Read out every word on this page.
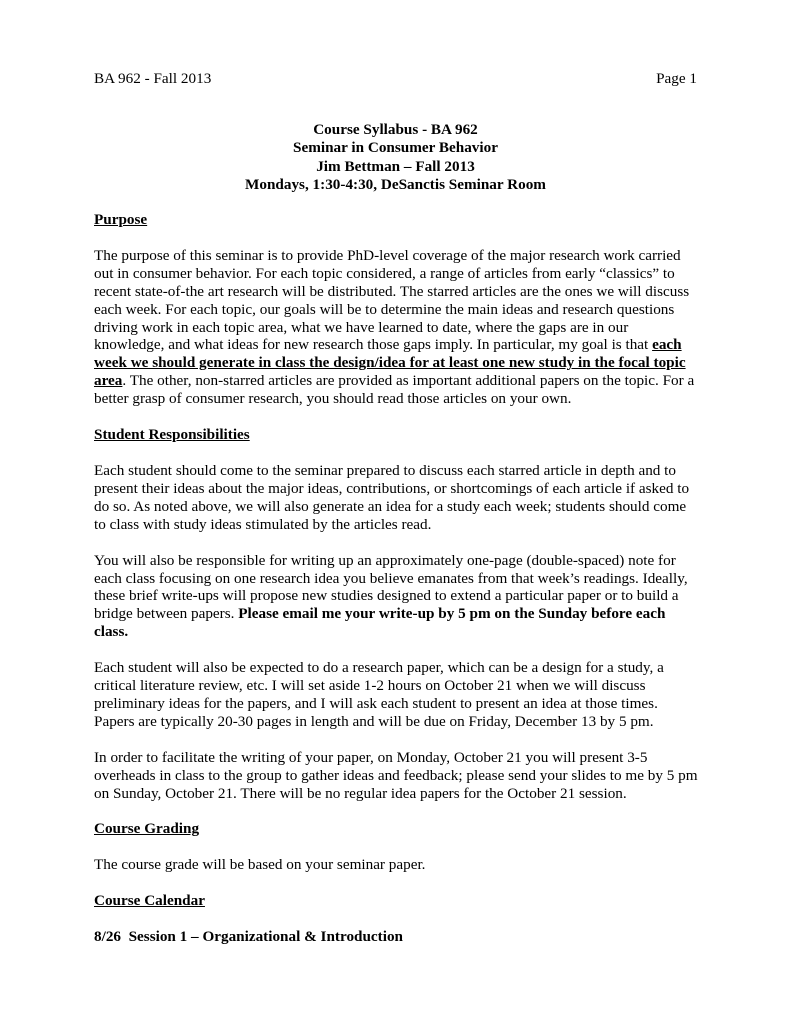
BA 962 - Fall 2013	Page 1
Course Syllabus - BA 962
Seminar in Consumer Behavior
Jim Bettman – Fall 2013
Mondays, 1:30-4:30, DeSanctis Seminar Room

Purpose

The purpose of this seminar is to provide PhD-level coverage of the major research work carried out in consumer behavior. For each topic considered, a range of articles from early “classics” to recent state-of-the art research will be distributed. The starred articles are the ones we will discuss each week. For each topic, our goals will be to determine the main ideas and research questions driving work in each topic area, what we have learned to date, where the gaps are in our knowledge, and what ideas for new research those gaps imply. In particular, my goal is that each week we should generate in class the design/idea for at least one new study in the focal topic area. The other, non-starred articles are provided as important additional papers on the topic. For a better grasp of consumer research, you should read those articles on your own.

Student Responsibilities

Each student should come to the seminar prepared to discuss each starred article in depth and to present their ideas about the major ideas, contributions, or shortcomings of each article if asked to do so. As noted above, we will also generate an idea for a study each week; students should come to class with study ideas stimulated by the articles read.

You will also be responsible for writing up an approximately one-page (double-spaced) note for each class focusing on one research idea you believe emanates from that week’s readings. Ideally, these brief write-ups will propose new studies designed to extend a particular paper or to build a bridge between papers. Please email me your write-up by 5 pm on the Sunday before each class.

Each student will also be expected to do a research paper, which can be a design for a study, a critical literature review, etc. I will set aside 1-2 hours on October 21 when we will discuss preliminary ideas for the papers, and I will ask each student to present an idea at those times. Papers are typically 20-30 pages in length and will be due on Friday, December 13 by 5 pm.

In order to facilitate the writing of your paper, on Monday, October 21 you will present 3-5 overheads in class to the group to gather ideas and feedback; please send your slides to me by 5 pm on Sunday, October 21. There will be no regular idea papers for the October 21 session.

Course Grading

The course grade will be based on your seminar paper.

Course Calendar

8/26  Session 1 – Organizational & Introduction
